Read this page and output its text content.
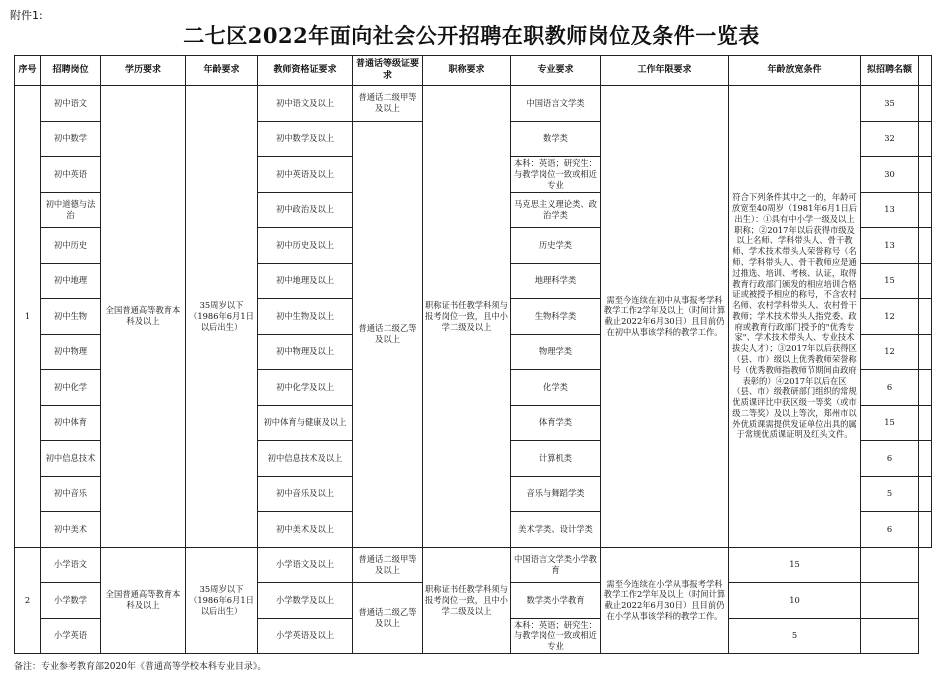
附件1:
二七区2022年面向社会公开招聘在职教师岗位及条件一览表
序号	招聘岗位	学历要求	年龄要求	教师资格证要求	普通话等级证要求	职称要求	专业要求	工作年限要求	年龄放宽条件	拟招聘名额	
1	初中语文	全国普通高等教育本科及以上	35周岁以下（1986年6月1日以后出生）	初中语文及以上	普通话二级甲等及以上	职称证书任教学科须与报考岗位一致，且中小学二级及以上	中国语言文学类	需至今连续在初中从事报考学科教学工作2学年及以上（时间计算截止2022年6月30日）且目前仍在初中从事该学科的教学工作。	符合下列条件其中之一的，年龄可放宽至40周岁（1981年6月1日后出生）：①具有中小学一级及以上职称；②2017年以后获得市级及以上名师、学科带头人、骨干教师、学术技术带头人荣誉称号（名师、学科带头人、骨干教师应是通过推选、培训、考核、认证，取得教育行政部门颁发的相应培训合格证或被授予相应的称号，不含农村名师、农村学科带头人、农村骨干教师；学术技术带头人指党委、政府或教育行政部门授予的"优秀专家"、学术技术带头人、专业技术拔尖人才）；③2017年以后获得区（县、市）级以上优秀教师荣誉称号（优秀教师指教师节期间由政府表彰的）④2017年以后在区（县、市）级教研部门组织的常规优质课评比中获区级一等奖（或市级二等奖）及以上等次，郑州市以外优质课需提供发证单位出具的属于常规优质课证明及红头文件。	35	
	初中数学			初中数学及以上	普通话二级乙等及以上		数学类			32	
	初中英语			初中英语及以上			本科：英语；研究生：与教学岗位一致或相近专业			30	
	初中道德与法治			初中政治及以上			马克思主义理论类、政治学类			13	
	初中历史			初中历史及以上			历史学类			13	
	初中地理			初中地理及以上			地理科学类			15	
	初中生物			初中生物及以上			生物科学类			12	
	初中物理			初中物理及以上			物理学类			12	
	初中化学			初中化学及以上			化学类			6	
	初中体育			初中体育与健康及以上			体育学类			15	
	初中信息技术			初中信息技术及以上			计算机类			6	
	初中音乐			初中音乐及以上			音乐与舞蹈学类			5	
	初中美术			初中美术及以上			美术学类、设计学类			6	
2	小学语文	全国普通高等教育本科及以上	35周岁以下（1986年6月1日以后出生）	小学语文及以上	普通话二级甲等及以上	职称证书任教学科须与报考岗位一致，且中小学二级及以上	中国语言文学类小学教育	需至今连续在小学从事报考学科教学工作2学年及以上（时间计算截止2022年6月30日）且目前仍在小学从事该学科的教学工作。	15		
	小学数学			小学数学及以上	普通话二级乙等及以上		数学类小学教育		10		
	小学英语			小学英语及以上			本科：英语；研究生：与教学岗位一致或相近专业		5		
备注：专业参考教育部2020年《普通高等学校本科专业目录》。
